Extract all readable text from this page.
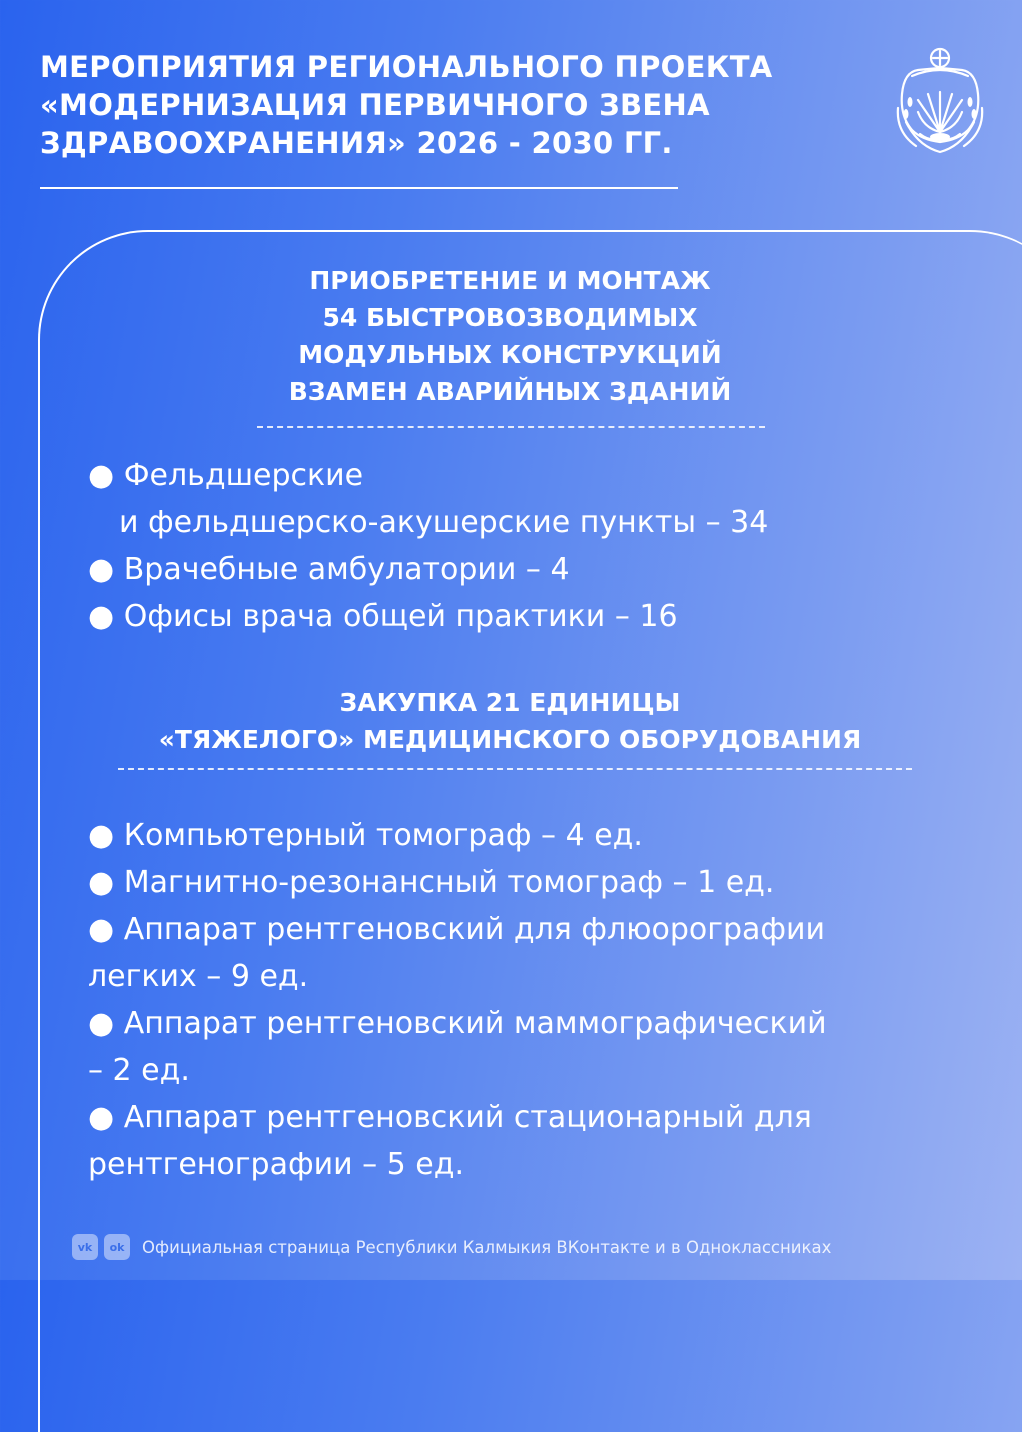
МЕРОПРИЯТИЯ РЕГИОНАЛЬНОГО ПРОЕКТА
«МОДЕРНИЗАЦИЯ ПЕРВИЧНОГО ЗВЕНА
ЗДРАВООХРАНЕНИЯ» 2026 - 2030 ГГ.
ПРИОБРЕТЕНИЕ И МОНТАЖ
54 БЫСТРОВОЗВОДИМЫХ
МОДУЛЬНЫХ КОНСТРУКЦИЙ
ВЗАМЕН АВАРИЙНЫХ ЗДАНИЙ
● Фельдшерские
и фельдшерско-акушерские пункты – 34
● Врачебные амбулатории – 4
● Офисы врача общей практики – 16
ЗАКУПКА 21 ЕДИНИЦЫ
«ТЯЖЕЛОГО» МЕДИЦИНСКОГО ОБОРУДОВАНИЯ
● Компьютерный томограф – 4 ед.
● Магнитно-резонансный томограф – 1 ед.
● Аппарат рентгеновский для флюорографии
легких – 9 ед.
● Аппарат рентгеновский маммографический
– 2 ед.
● Аппарат рентгеновский стационарный для
рентгенографии – 5 ед.
vk	ok	Официальная страница Республики Калмыкия ВКонтакте и в Одноклассниках
